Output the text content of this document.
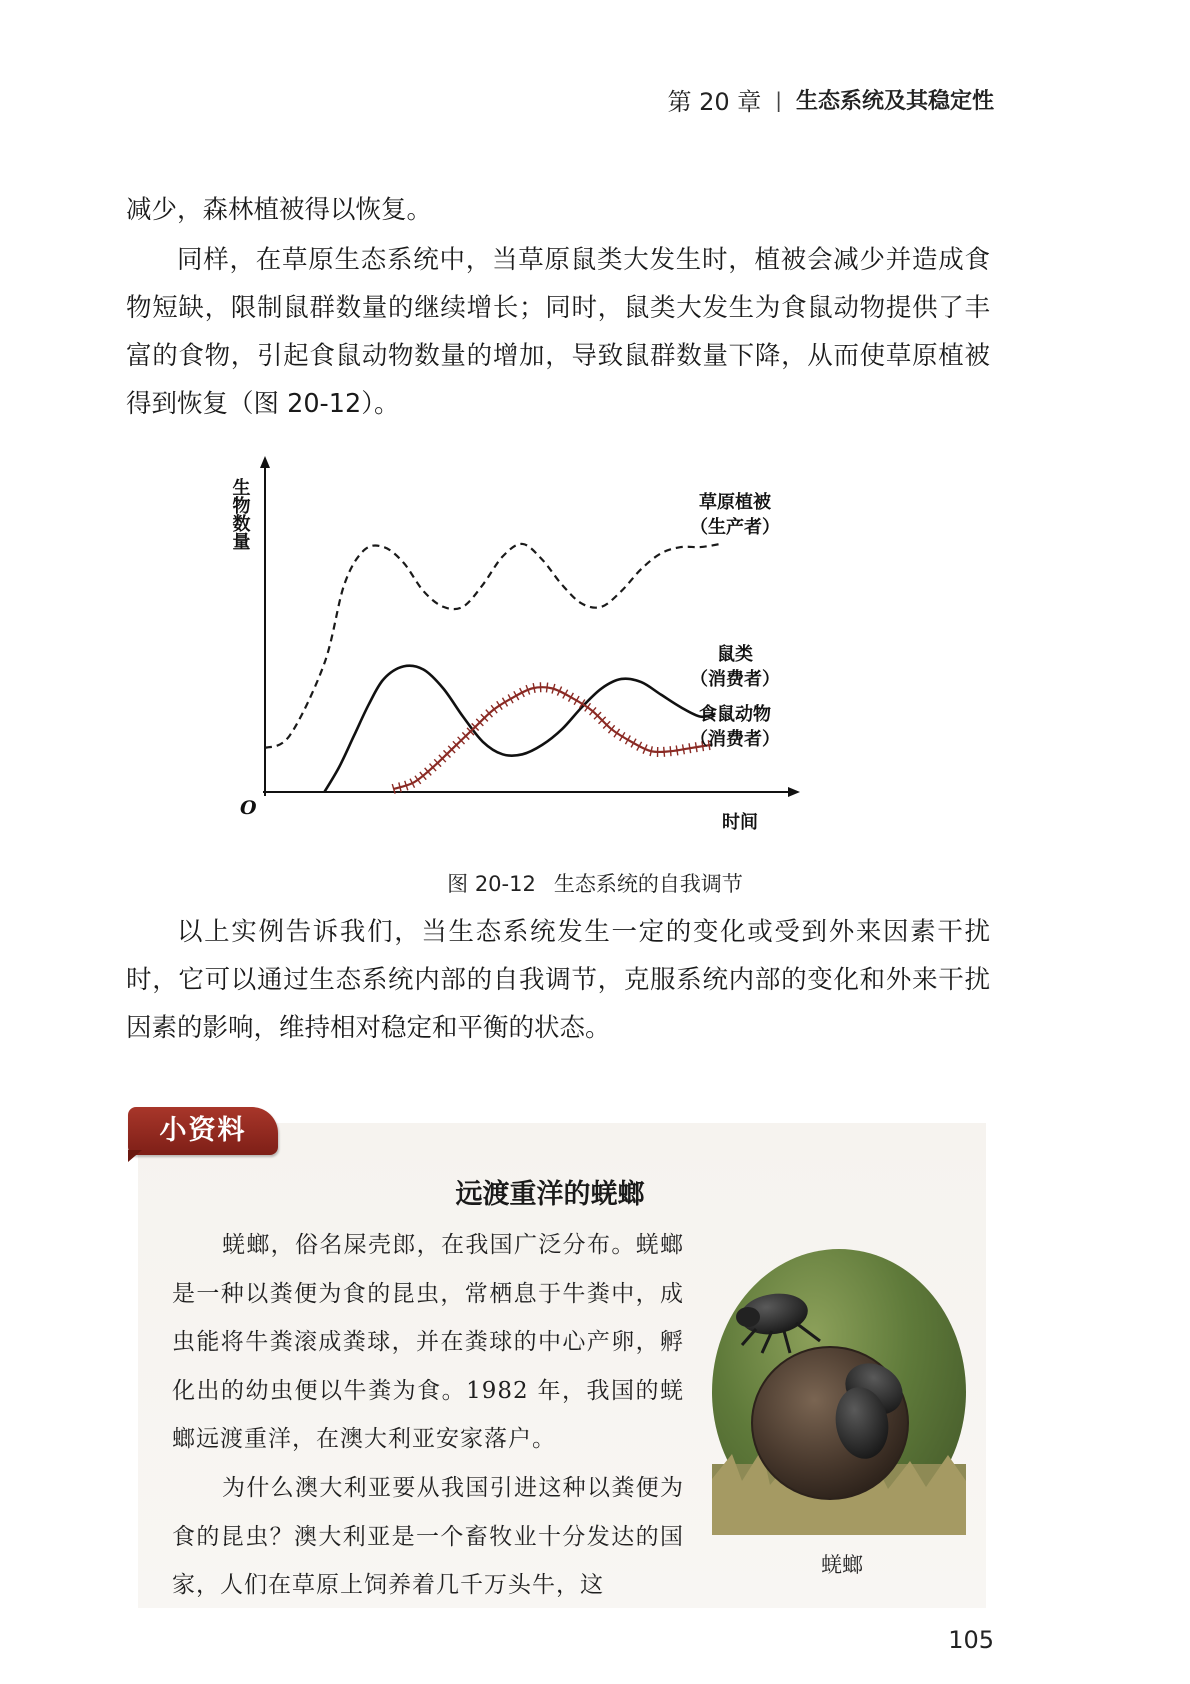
第 20 章 | 生态系统及其稳定性

减少，森林植被得以恢复。

同样，在草原生态系统中，当草原鼠类大发生时，植被会减少并造成食物短缺，限制鼠群数量的继续增长；同时，鼠类大发生为食鼠动物提供了丰富的食物，引起食鼠动物数量的增加，导致鼠群数量下降，从而使草原植被得到恢复（图 20-12）。

生物数量
时间
O
草原植被
（生产者）
鼠类
（消费者）
食鼠动物
（消费者）
图 20-12 生态系统的自我调节

以上实例告诉我们，当生态系统发生一定的变化或受到外来因素干扰时，它可以通过生态系统内部的自我调节，克服系统内部的变化和外来干扰因素的影响，维持相对稳定和平衡的状态。

小资料
远渡重洋的蜣螂

蜣螂，俗名屎壳郎，在我国广泛分布。蜣螂是一种以粪便为食的昆虫，常栖息于牛粪中，成虫能将牛粪滚成粪球，并在粪球的中心产卵，孵化出的幼虫便以牛粪为食。1982 年，我国的蜣螂远渡重洋，在澳大利亚安家落户。

为什么澳大利亚要从我国引进这种以粪便为食的昆虫？澳大利亚是一个畜牧业十分发达的国家，人们在草原上饲养着几千万头牛，这

蜣螂
105
